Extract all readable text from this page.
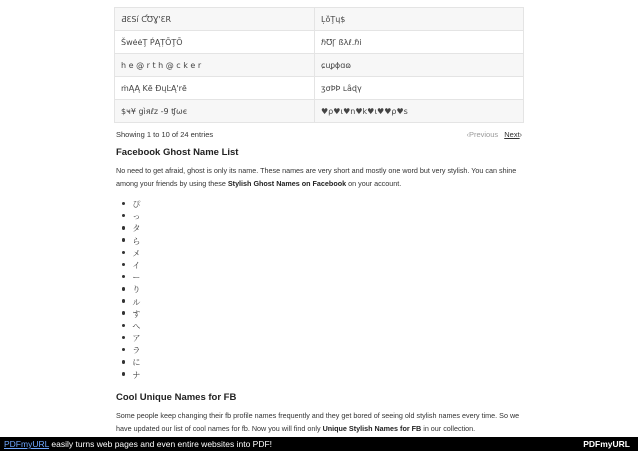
ƋƐSí ƇƱƔ'ƐR	ĻȍŢɥ$
ŠwėėŢ ṔĄṬŌŢŌ	ℏƱꞄ ßλℓ.ℏі
h e @ r t h @ c k e r	ɕuᵱɸɑɷ
ṁĄĄ Kē ĐųĿĄ'rē	ʒσϷϷ ʟȃɖγ
$ҹ¥ gìяℓz -9 ʧωє	♥ρ♥ι♥n♥k♥ι♥♥ρ♥s
Showing 1 to 10 of 24 entries	‹Previous Next›
Facebook Ghost Name List

No need to get afraid, ghost is only its name. These names are very short and mostly one word but very stylish. You can shine among your friends by using these Stylish Ghost Names on Facebook on your account.

ぴ
っ
タ
ら
メ
イ
ー
り
ル
す
へ
ア
ラ
に
ナ
Cool Unique Names for FB

Some people keep changing their fb profile names frequently and they get bored of seeing old stylish names every time. So we have updated our list of cool names for fb. Now you will find only Unique Stylish Names for FB in our collection.

PDFmyURL easily turns web pages and even entire websites into PDF!	PDFmyURL
